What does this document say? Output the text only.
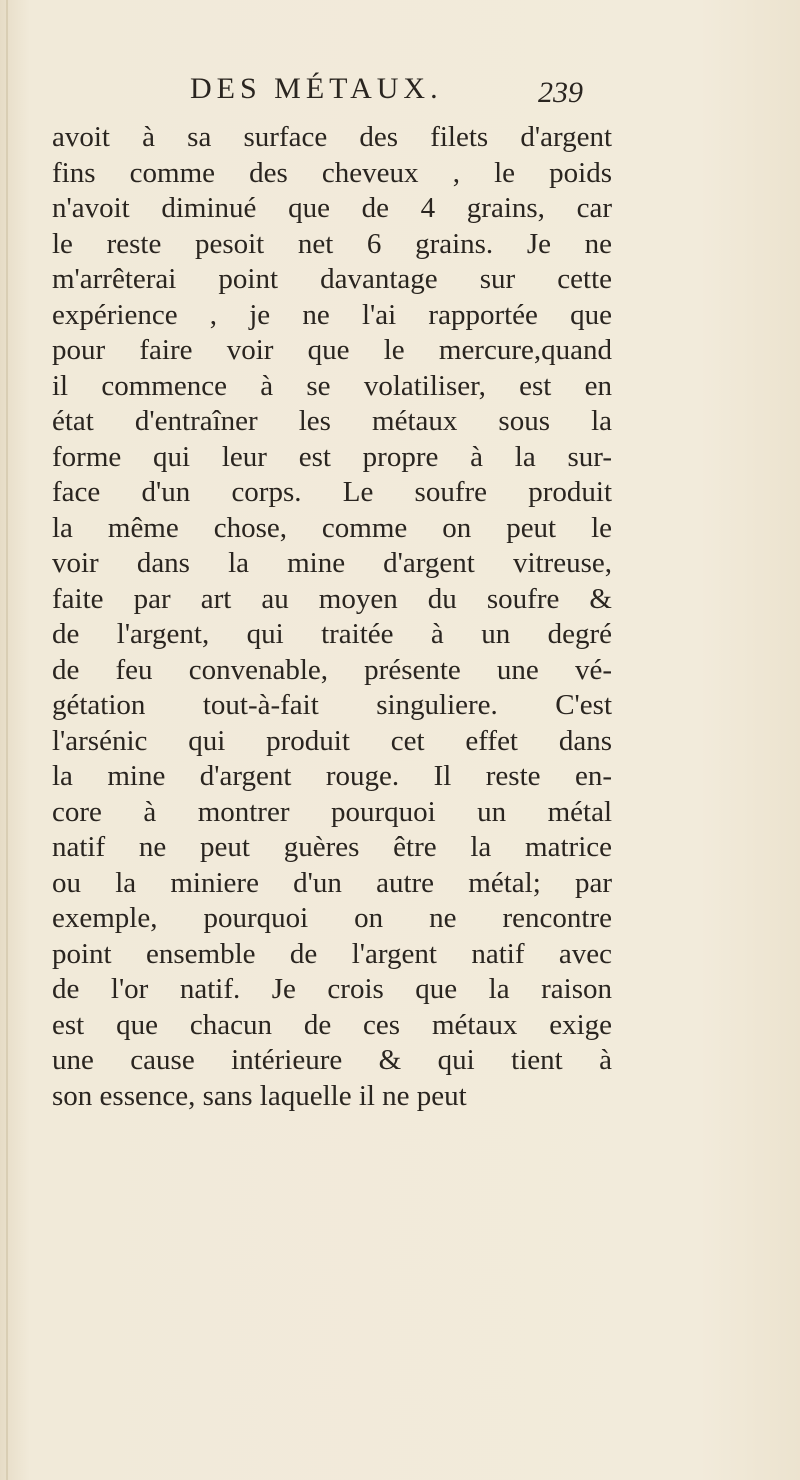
DES MÉTAUX.	239
avoit à sa surface des filets d'argent
fins comme des cheveux , le poids
n'avoit diminué que de 4 grains, car
le reste pesoit net 6 grains. Je ne
m'arrêterai point davantage sur cette
expérience , je ne l'ai rapportée que
pour faire voir que le mercure,quand
il commence à se volatiliser, est en
état d'entraîner les métaux sous la
forme qui leur est propre à la sur-
face d'un corps. Le soufre produit
la même chose, comme on peut le
voir dans la mine d'argent vitreuse,
faite par art au moyen du soufre &
de l'argent, qui traitée à un degré
de feu convenable, présente une vé-
gétation tout-à-fait singuliere. C'est
l'arsénic qui produit cet effet dans
la mine d'argent rouge. Il reste en-
core à montrer pourquoi un métal
natif ne peut guères être la matrice
ou la miniere d'un autre métal; par
exemple, pourquoi on ne rencontre
point ensemble de l'argent natif avec
de l'or natif. Je crois que la raison
est que chacun de ces métaux exige
une cause intérieure & qui tient à
son essence, sans laquelle il ne peut
